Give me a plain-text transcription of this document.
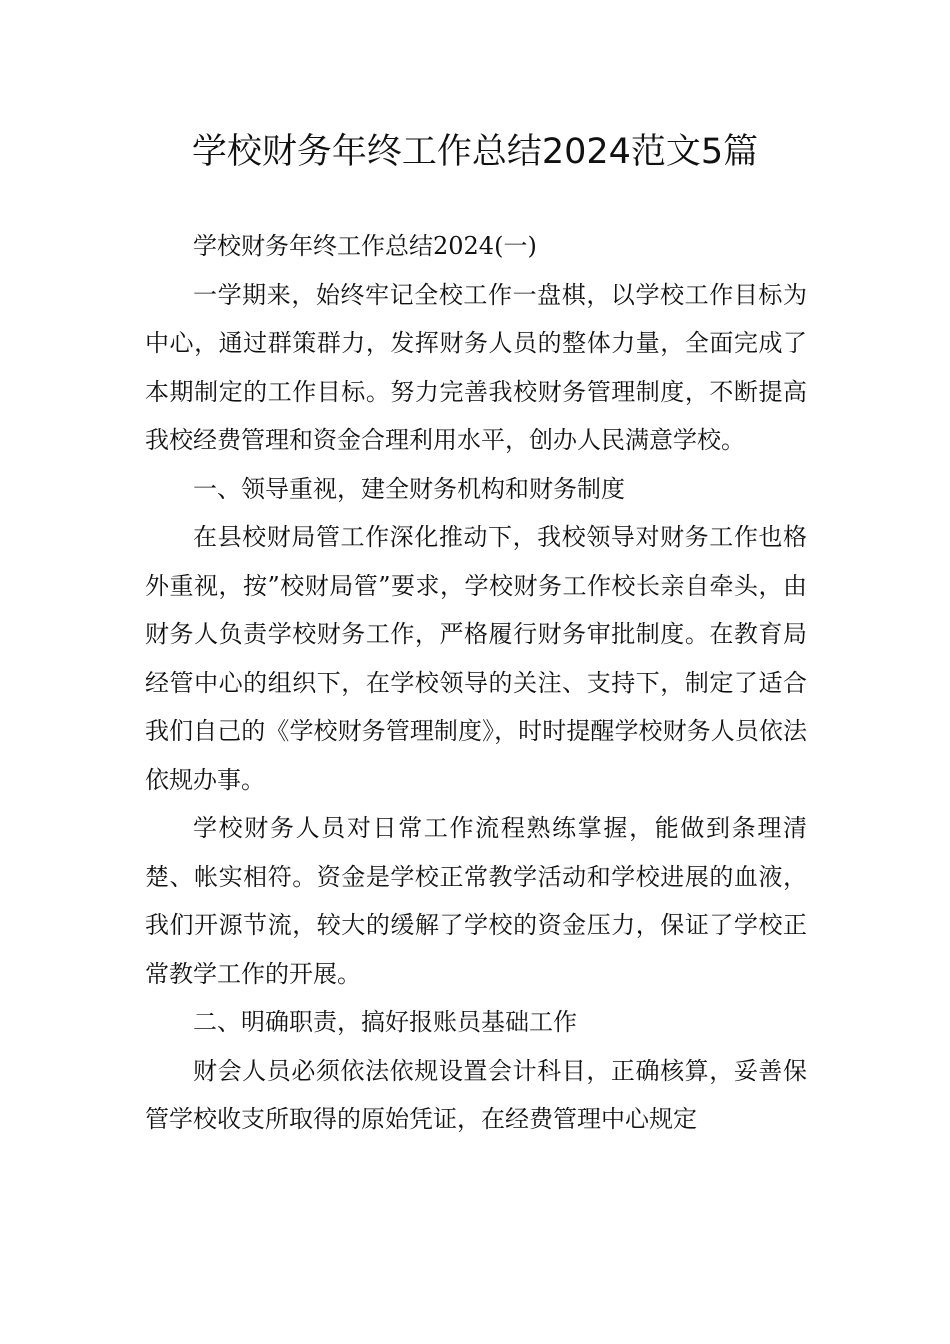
学校财务年终工作总结2024范文5篇

学校财务年终工作总结2024(一)

一学期来，始终牢记全校工作一盘棋，以学校工作目标为中心，通过群策群力，发挥财务人员的整体力量，全面完成了本期制定的工作目标。努力完善我校财务管理制度，不断提高我校经费管理和资金合理利用水平，创办人民满意学校。

一、领导重视，建全财务机构和财务制度

在县校财局管工作深化推动下，我校领导对财务工作也格外重视，按”校财局管”要求，学校财务工作校长亲自牵头，由财务人负责学校财务工作，严格履行财务审批制度。在教育局经管中心的组织下，在学校领导的关注、支持下，制定了适合我们自己的《学校财务管理制度》，时时提醒学校财务人员依法依规办事。

学校财务人员对日常工作流程熟练掌握，能做到条理清楚、帐实相符。资金是学校正常教学活动和学校进展的血液，我们开源节流，较大的缓解了学校的资金压力，保证了学校正常教学工作的开展。

二、明确职责，搞好报账员基础工作

财会人员必须依法依规设置会计科目，正确核算，妥善保管学校收支所取得的原始凭证，在经费管理中心规定
